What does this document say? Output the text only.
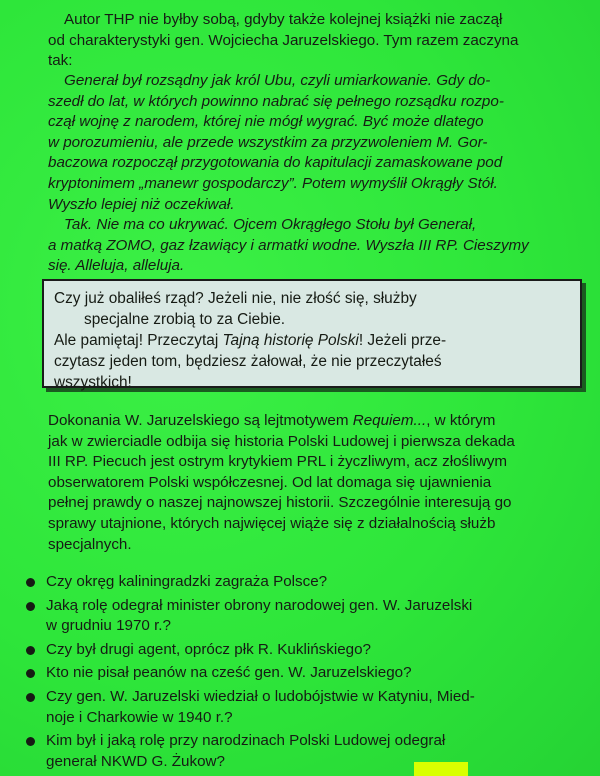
Autor THP nie byłby sobą, gdyby także kolejnej książki nie zaczął
od charakterystyki gen. Wojciecha Jaruzelskiego. Tym razem zaczyna
tak:
Generał był rozsądny jak król Ubu, czyli umiarkowanie. Gdy do-
szedł do lat, w których powinno nabrać się pełnego rozsądku rozpo-
czął wojnę z narodem, której nie mógł wygrać. Być może dlatego
w porozumieniu, ale przede wszystkim za przyzwoleniem M. Gor-
baczowa rozpoczął przygotowania do kapitulacji zamaskowane pod
kryptonimem „manewr gospodarczy”. Potem wymyślił Okrągły Stół.
Wyszło lepiej niż oczekiwał.
Tak. Nie ma co ukrywać. Ojcem Okrągłego Stołu był Generał,
a matką ZOMO, gaz łzawiący i armatki wodne. Wyszła III RP. Cieszymy
się. Alleluja, alleluja.
Czy już obaliłeś rząd? Jeżeli nie, nie złość się, służby
specjalne zrobią to za Ciebie.
Ale pamiętaj! Przeczytaj Tajną historię Polski! Jeżeli prze-
czytasz jeden tom, będziesz żałował, że nie przeczytałeś
wszystkich!
Dokonania W. Jaruzelskiego są lejtmotywem Requiem..., w którym
jak w zwierciadle odbija się historia Polski Ludowej i pierwsza dekada
III RP. Piecuch jest ostrym krytykiem PRL i życzliwym, acz złośliwym
obserwatorem Polski współczesnej. Od lat domaga się ujawnienia
pełnej prawdy o naszej najnowszej historii. Szczególnie interesują go
sprawy utajnione, których najwięcej wiąże się z działalnością służb
specjalnych.
Czy okręg kaliningradzki zagraża Polsce?
Jaką rolę odegrał minister obrony narodowej gen. W. Jaruzelski
w grudniu 1970 r.?
Czy był drugi agent, oprócz płk R. Kuklińskiego?
Kto nie pisał peanów na cześć gen. W. Jaruzelskiego?
Czy gen. W. Jaruzelski wiedział o ludobójstwie w Katyniu, Mied-
noje i Charkowie w 1940 r.?
Kim był i jaką rolę przy narodzinach Polski Ludowej odegrał
generał NKWD G. Żukow?
